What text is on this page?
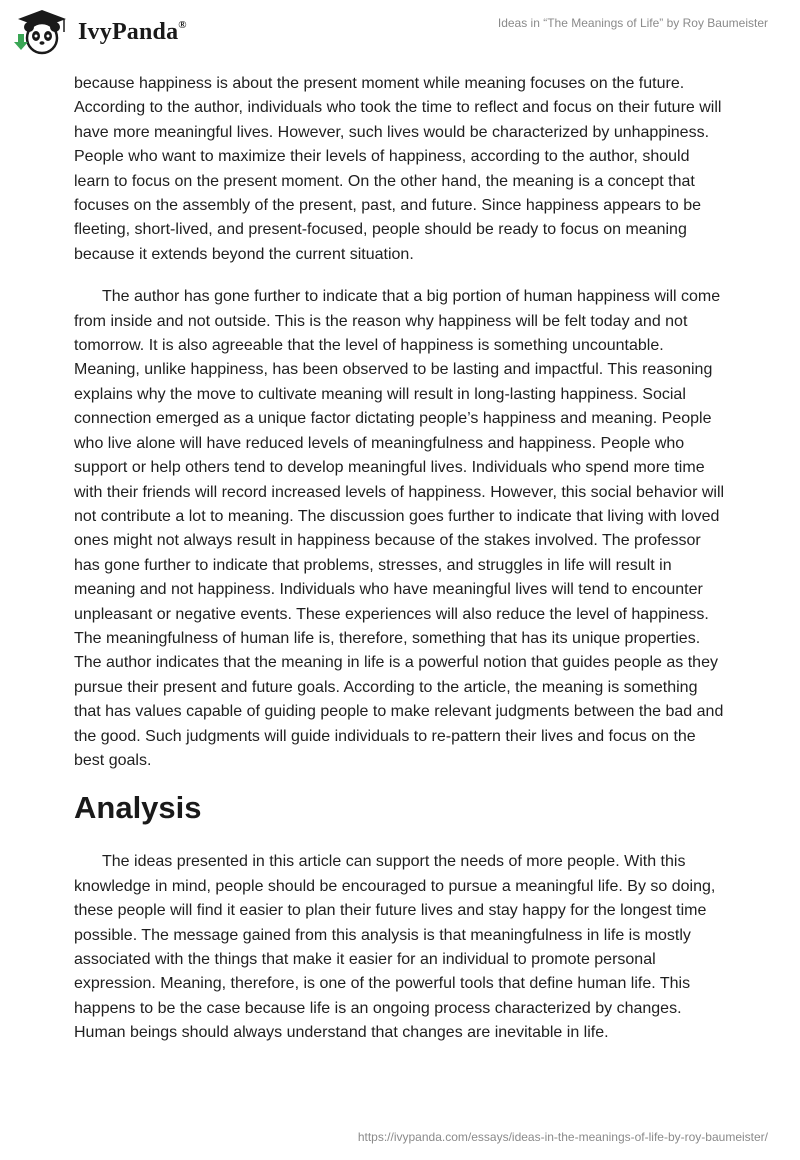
IvyPanda®	Ideas in “The Meanings of Life” by Roy Baumeister

because happiness is about the present moment while meaning focuses on the future. According to the author, individuals who took the time to reflect and focus on their future will have more meaningful lives. However, such lives would be characterized by unhappiness. People who want to maximize their levels of happiness, according to the author, should learn to focus on the present moment. On the other hand, the meaning is a concept that focuses on the assembly of the present, past, and future. Since happiness appears to be fleeting, short-lived, and present-focused, people should be ready to focus on meaning because it extends beyond the current situation.

The author has gone further to indicate that a big portion of human happiness will come from inside and not outside. This is the reason why happiness will be felt today and not tomorrow. It is also agreeable that the level of happiness is something uncountable. Meaning, unlike happiness, has been observed to be lasting and impactful. This reasoning explains why the move to cultivate meaning will result in long-lasting happiness. Social connection emerged as a unique factor dictating people’s happiness and meaning. People who live alone will have reduced levels of meaningfulness and happiness. People who support or help others tend to develop meaningful lives. Individuals who spend more time with their friends will record increased levels of happiness. However, this social behavior will not contribute a lot to meaning. The discussion goes further to indicate that living with loved ones might not always result in happiness because of the stakes involved. The professor has gone further to indicate that problems, stresses, and struggles in life will result in meaning and not happiness. Individuals who have meaningful lives will tend to encounter unpleasant or negative events. These experiences will also reduce the level of happiness. The meaningfulness of human life is, therefore, something that has its unique properties. The author indicates that the meaning in life is a powerful notion that guides people as they pursue their present and future goals. According to the article, the meaning is something that has values capable of guiding people to make relevant judgments between the bad and the good. Such judgments will guide individuals to re-pattern their lives and focus on the best goals.

Analysis

The ideas presented in this article can support the needs of more people. With this knowledge in mind, people should be encouraged to pursue a meaningful life. By so doing, these people will find it easier to plan their future lives and stay happy for the longest time possible. The message gained from this analysis is that meaningfulness in life is mostly associated with the things that make it easier for an individual to promote personal expression. Meaning, therefore, is one of the powerful tools that define human life. This happens to be the case because life is an ongoing process characterized by changes. Human beings should always understand that changes are inevitable in life.

https://ivypanda.com/essays/ideas-in-the-meanings-of-life-by-roy-baumeister/
